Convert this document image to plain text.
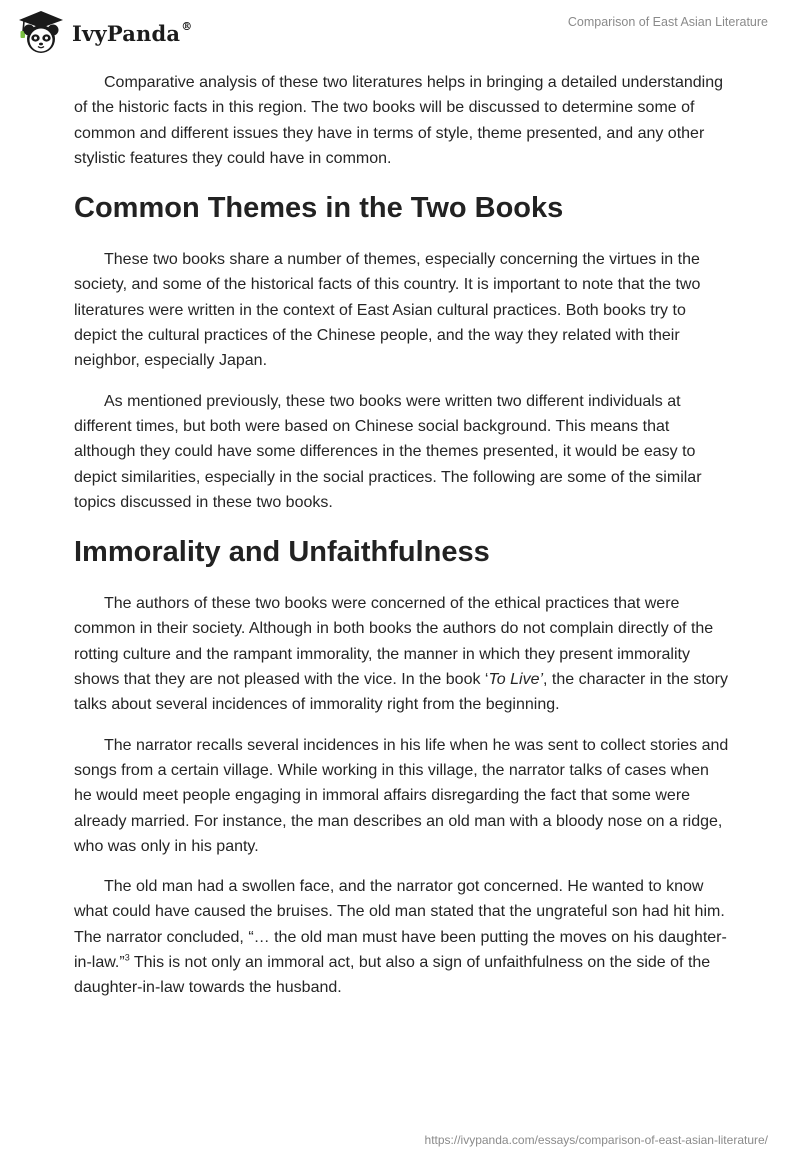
IvyPanda®	Comparison of East Asian Literature

Comparative analysis of these two literatures helps in bringing a detailed understanding of the historic facts in this region. The two books will be discussed to determine some of common and different issues they have in terms of style, theme presented, and any other stylistic features they could have in common.

Common Themes in the Two Books

These two books share a number of themes, especially concerning the virtues in the society, and some of the historical facts of this country. It is important to note that the two literatures were written in the context of East Asian cultural practices. Both books try to depict the cultural practices of the Chinese people, and the way they related with their neighbor, especially Japan.

As mentioned previously, these two books were written two different individuals at different times, but both were based on Chinese social background. This means that although they could have some differences in the themes presented, it would be easy to depict similarities, especially in the social practices. The following are some of the similar topics discussed in these two books.

Immorality and Unfaithfulness

The authors of these two books were concerned of the ethical practices that were common in their society. Although in both books the authors do not complain directly of the rotting culture and the rampant immorality, the manner in which they present immorality shows that they are not pleased with the vice. In the book ‘To Live’, the character in the story talks about several incidences of immorality right from the beginning.

The narrator recalls several incidences in his life when he was sent to collect stories and songs from a certain village. While working in this village, the narrator talks of cases when he would meet people engaging in immoral affairs disregarding the fact that some were already married. For instance, the man describes an old man with a bloody nose on a ridge, who was only in his panty.

The old man had a swollen face, and the narrator got concerned. He wanted to know what could have caused the bruises. The old man stated that the ungrateful son had hit him. The narrator concluded, “… the old man must have been putting the moves on his daughter-in-law.”$^3$ This is not only an immoral act, but also a sign of unfaithfulness on the side of the daughter-in-law towards the husband.

https://ivypanda.com/essays/comparison-of-east-asian-literature/
